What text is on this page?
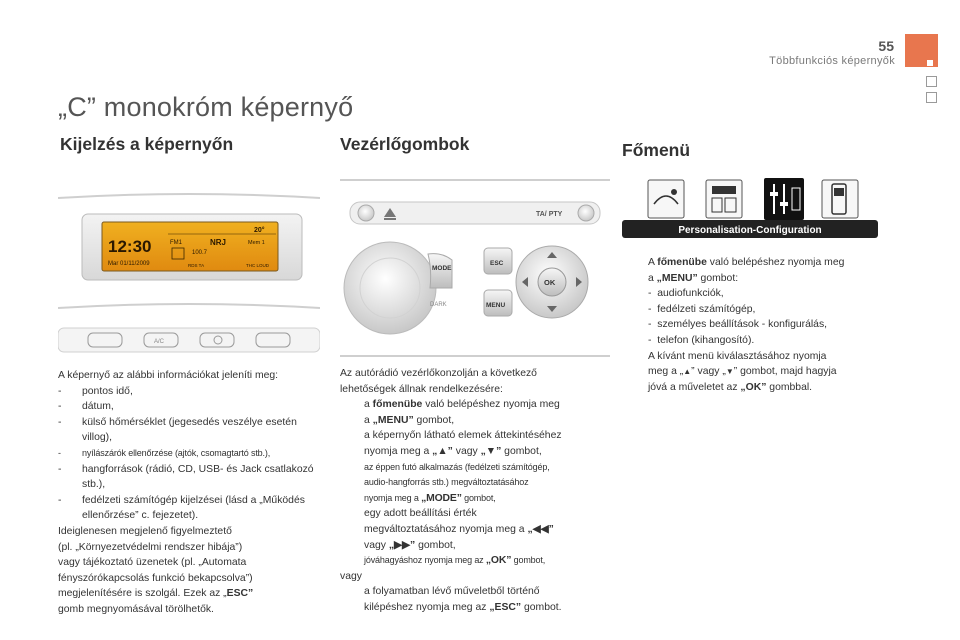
55
Többfunkciós képernyők
„C” monokróm képernyő
Kijelzés a képernyőn	Vezérlőgombok	Főmenü
12:30
Mar 01/11/2009
20°
FM1	NRJ	Mem 1
100.7
RDS TA	THC LOUD
A/C
TA/ PTY
MODE
DARK
ESC
MENU
OK
Personalisation-Configuration

A képernyő az alábbi információkat jeleníti meg:

- pontos idő,

- dátum,

- külső hőmérséklet (jegesedés veszélye esetén villog),

- nyílászárók ellenőrzése (ajtók, csomagtartó stb.),

- hangforrások (rádió, CD, USB- és Jack csatlakozó stb.),

- fedélzeti számítógép kijelzései (lásd a „Működés ellenőrzése” c. fejezetet).

Ideiglenesen megjelenő figyelmeztető

(pl. „Környezetvédelmi rendszer hibája”)

vagy tájékoztató üzenetek (pl. „Automata

fényszórókapcsolás funkció bekapcsolva”)

megjelenítésére is szolgál. Ezek az „ESC”

gomb megnyomásával törölhetők.

Az autórádió vezérlőkonzolján a következő

lehetőségek állnak rendelkezésére:

a főmenübe való belépéshez nyomja meg

a „MENU” gombot,

a képernyőn látható elemek áttekintéséhez

nyomja meg a „▲” vagy „▼” gombot,

az éppen futó alkalmazás (fedélzeti számítógép,

audio-hangforrás stb.) megváltoztatásához

nyomja meg a „MODE” gombot,

egy adott beállítási érték

megváltoztatásához nyomja meg a „◀◀”

vagy „▶▶” gombot,

jóváhagyáshoz nyomja meg az „OK” gombot,

vagy

a folyamatban lévő műveletből történő

kilépéshez nyomja meg az „ESC” gombot.

A főmenübe való belépéshez nyomja meg

a „MENU” gombot:

- audiofunkciók,

- fedélzeti számítógép,

- személyes beállítások - konfigurálás,

- telefon (kihangosító).

A kívánt menü kiválasztásához nyomja

meg a „▲” vagy „▼” gombot, majd hagyja

jóvá a műveletet az „OK” gombbal.
